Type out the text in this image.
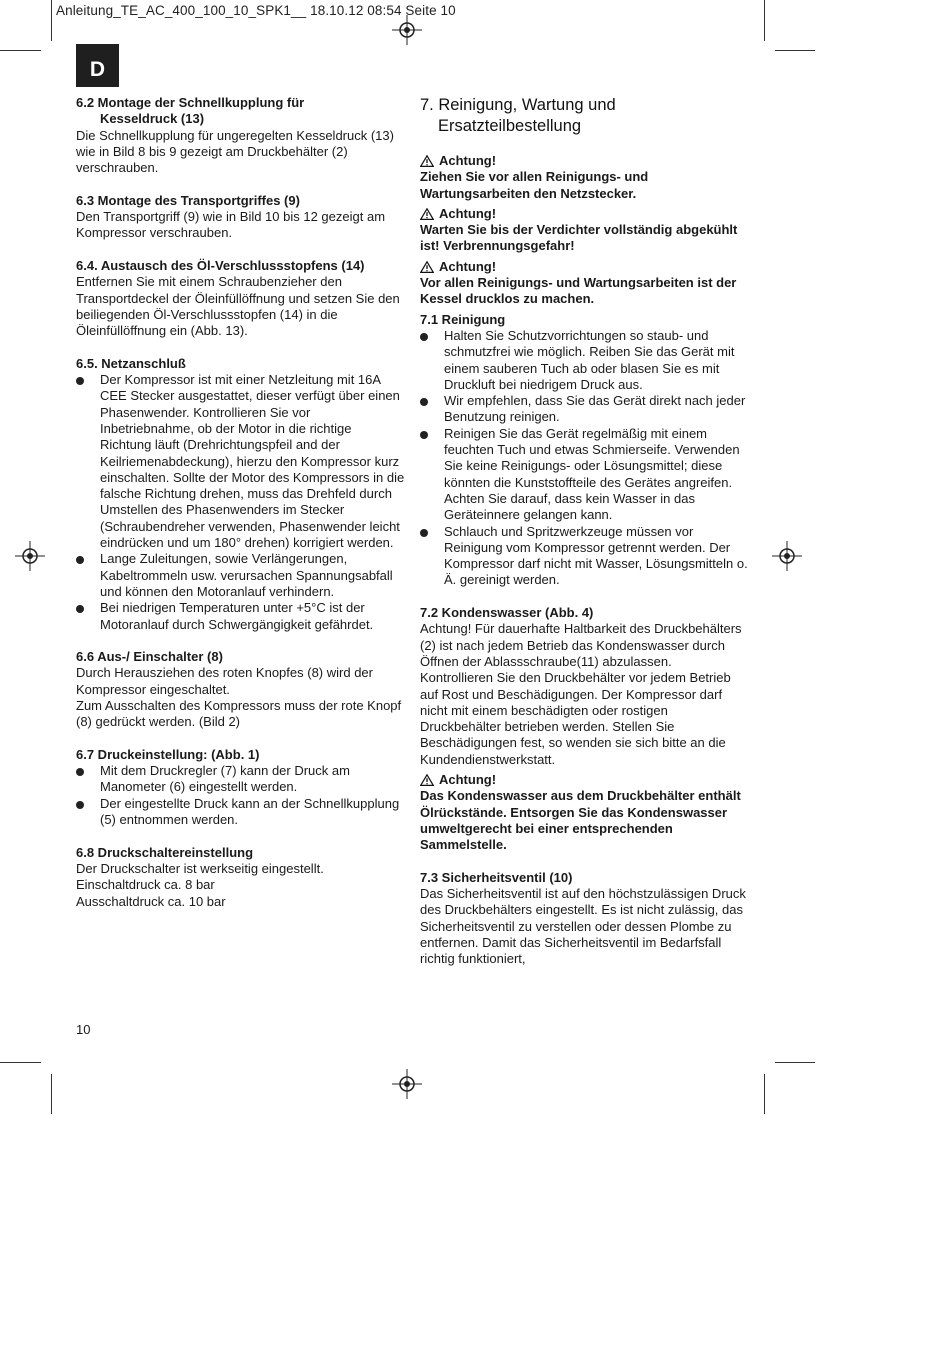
Anleitung_TE_AC_400_100_10_SPK1__ 18.10.12 08:54 Seite 10
D
6.2 Montage der Schnellkupplung für
Kesseldruck (13)

Die Schnellkupplung für ungeregelten Kesseldruck (13) wie in Bild 8 bis 9 gezeigt am Druckbehälter (2) verschrauben.

6.3 Montage des Transportgriffes (9)

Den Transportgriff (9) wie in Bild 10 bis 12 gezeigt am Kompressor verschrauben.

6.4. Austausch des Öl-Verschlussstopfens (14)

Entfernen Sie mit einem Schraubenzieher den Transportdeckel der Öleinfüllöffnung und setzen Sie den beiliegenden Öl-Verschlussstopfen (14) in die Öleinfüllöffnung ein (Abb. 13).

6.5. Netzanschluß
Der Kompressor ist mit einer Netzleitung mit 16A CEE Stecker ausgestattet, dieser verfügt über einen Phasenwender. Kontrollieren Sie vor Inbetriebnahme, ob der Motor in die richtige Richtung läuft (Drehrichtungspfeil and der Keilriemenabdeckung), hierzu den Kompressor kurz einschalten. Sollte der Motor des Kompressors in die falsche Richtung drehen, muss das Drehfeld durch Umstellen des Phasenwenders im Stecker (Schraubendreher verwenden, Phasenwender leicht eindrücken und um 180° drehen) korrigiert werden.
Lange Zuleitungen, sowie Verlängerungen, Kabeltrommeln usw. verursachen Spannungsabfall und können den Motoranlauf verhindern.
Bei niedrigen Temperaturen unter +5°C ist der Motoranlauf durch Schwergängigkeit gefährdet.
6.6 Aus-/ Einschalter (8)

Durch Herausziehen des roten Knopfes (8) wird der Kompressor eingeschaltet.

Zum Ausschalten des Kompressors muss der rote Knopf (8) gedrückt werden. (Bild 2)

6.7 Druckeinstellung: (Abb. 1)
Mit dem Druckregler (7) kann der Druck am Manometer (6) eingestellt werden.
Der eingestellte Druck kann an der Schnellkupplung (5) entnommen werden.
6.8 Druckschaltereinstellung

Der Druckschalter ist werkseitig eingestellt.

Einschaltdruck ca. 8 bar

Ausschaltdruck ca. 10 bar

7. Reinigung, Wartung und Ersatzteilbestellung
Achtung!
Ziehen Sie vor allen Reinigungs- und Wartungsarbeiten den Netzstecker.
Achtung!
Warten Sie bis der Verdichter vollständig abgekühlt ist! Verbrennungsgefahr!
Achtung!
Vor allen Reinigungs- und Wartungsarbeiten ist der Kessel drucklos zu machen.
7.1 Reinigung
Halten Sie Schutzvorrichtungen so staub- und schmutzfrei wie möglich. Reiben Sie das Gerät mit einem sauberen Tuch ab oder blasen Sie es mit Druckluft bei niedrigem Druck aus.
Wir empfehlen, dass Sie das Gerät direkt nach jeder Benutzung reinigen.
Reinigen Sie das Gerät regelmäßig mit einem feuchten Tuch und etwas Schmierseife. Verwenden Sie keine Reinigungs- oder Lösungsmittel; diese könnten die Kunststoffteile des Gerätes angreifen. Achten Sie darauf, dass kein Wasser in das Geräteinnere gelangen kann.
Schlauch und Spritzwerkzeuge müssen vor Reinigung vom Kompressor getrennt werden. Der Kompressor darf nicht mit Wasser, Lösungsmitteln o. Ä. gereinigt werden.
7.2 Kondenswasser (Abb. 4)

Achtung! Für dauerhafte Haltbarkeit des Druckbehälters (2) ist nach jedem Betrieb das Kondenswasser durch Öffnen der Ablassschraube(11) abzulassen.

Kontrollieren Sie den Druckbehälter vor jedem Betrieb auf Rost und Beschädigungen. Der Kompressor darf nicht mit einem beschädigten oder rostigen Druckbehälter betrieben werden. Stellen Sie Beschädigungen fest, so wenden sie sich bitte an die Kundendienstwerkstatt.

Achtung!
Das Kondenswasser aus dem Druckbehälter enthält Ölrückstände. Entsorgen Sie das Kondenswasser umweltgerecht bei einer entsprechenden Sammelstelle.
7.3 Sicherheitsventil (10)

Das Sicherheitsventil ist auf den höchstzulässigen Druck des Druckbehälters eingestellt. Es ist nicht zulässig, das Sicherheitsventil zu verstellen oder dessen Plombe zu entfernen. Damit das Sicherheitsventil im Bedarfsfall richtig funktioniert,

10
